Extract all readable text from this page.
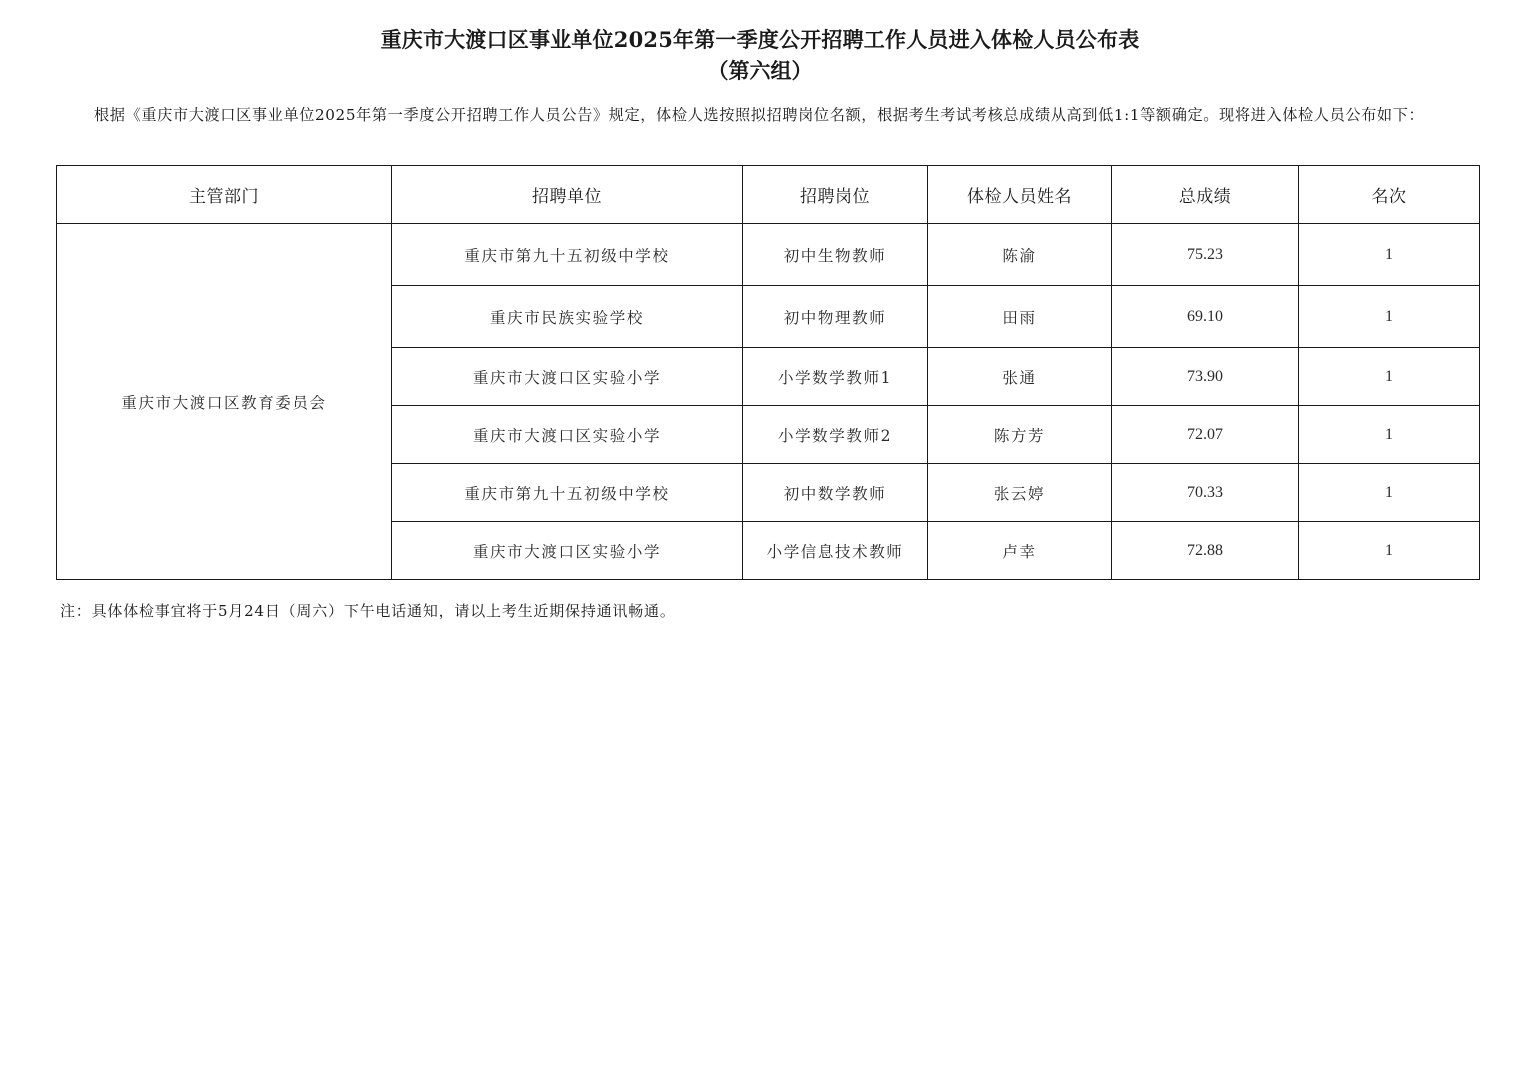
重庆市大渡口区事业单位2025年第一季度公开招聘工作人员进入体检人员公布表
（第六组）
根据《重庆市大渡口区事业单位2025年第一季度公开招聘工作人员公告》规定，体检人选按照拟招聘岗位名额，根据考生考试考核总成绩从高到低1:1等额确定。现将进入体检人员公布如下：
主管部门	招聘单位	招聘岗位	体检人员姓名	总成绩	名次
重庆市大渡口区教育委员会	重庆市第九十五初级中学校	初中生物教师	陈渝	75.23	1
	重庆市民族实验学校	初中物理教师	田雨	69.10	1
	重庆市大渡口区实验小学	小学数学教师1	张通	73.90	1
	重庆市大渡口区实验小学	小学数学教师2	陈方芳	72.07	1
	重庆市第九十五初级中学校	初中数学教师	张云婷	70.33	1
	重庆市大渡口区实验小学	小学信息技术教师	卢幸	72.88	1
注：具体体检事宜将于5月24日（周六）下午电话通知，请以上考生近期保持通讯畅通。
